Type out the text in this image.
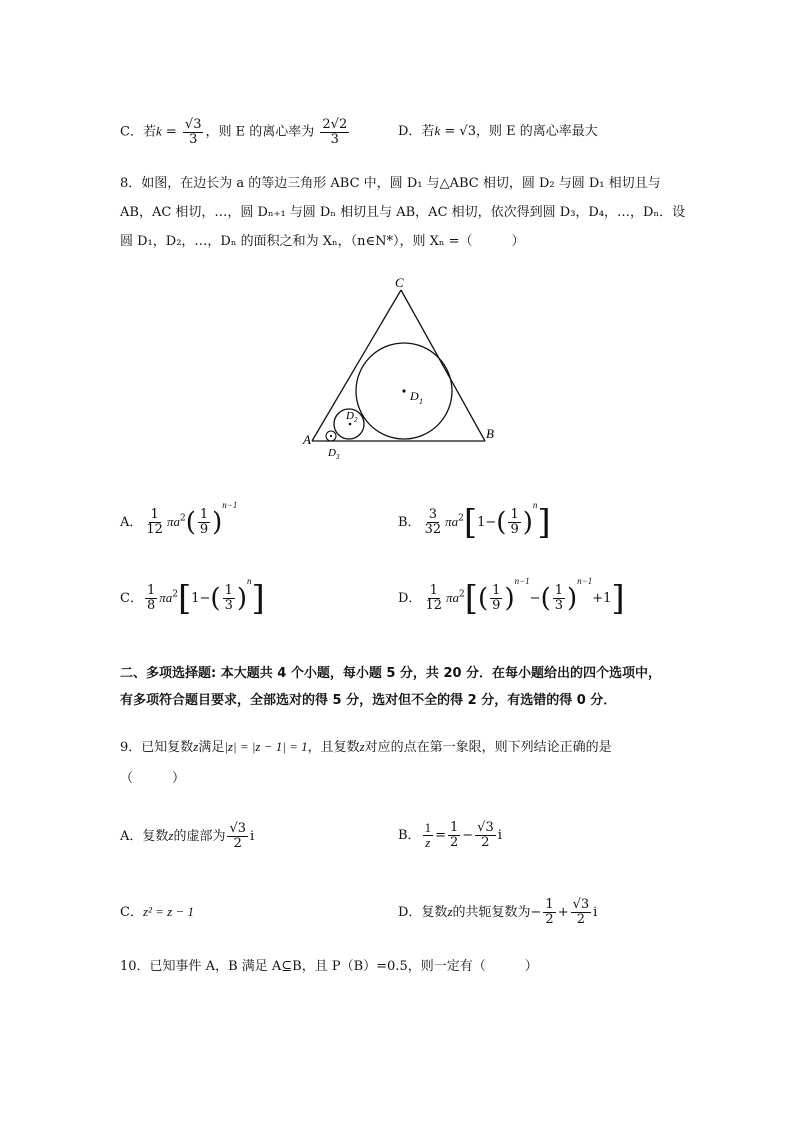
C．若$k = \frac{√3}{3}$ ，则 E 的离心率为 $\frac{2√2}{3}$	D．若k = √3，则 E 的离心率最大
8．如图，在边长为 a 的等边三角形 ABC 中，圆 D₁ 与△ABC 相切，圆 D₂ 与圆 D₁ 相切且与
AB，AC 相切，…，圆 Dₙ₊₁ 与圆 Dₙ 相切且与 AB，AC 相切，依次得到圆 D₃，D₄，…，Dₙ．设
圆 D₁，D₂，…，Dₙ 的面积之和为 Xₙ，（n∈N*），则 Xₙ =（　　　）
C
A	B
D 1
D 2
D 3
A． $\frac{1}{12} \pi a^2( \frac{1}{9} )^{n-1}$
B． $\frac{3}{32} \pi a^2[1-( \frac{1}{9} )^n]$
C． $\frac{1}{8} \pi a^2[1-( \frac{1}{3} )^n]$	D． $\frac{1}{12} \pi a^2[( \frac{1}{9} )^{n-1}-( \frac{1}{3} )^{n-1}+1]$
二、多项选择题: 本大题共 4 个小题，每小题 5 分，共 20 分．在每小题给出的四个选项中，
有多项符合题目要求，全部选对的得 5 分，选对但不全的得 2 分，有选错的得 0 分．
9．已知复数z满足|z| = |z − 1| = 1，且复数z对应的点在第一象限，则下列结论正确的是
（　　　）
A．复数z的虚部为 $\frac{√3}{2}$ i	B． $\frac{1}{z} = \frac{1}{2} - \frac{√3}{2}$ i
C．z² = z − 1	D．复数z的共轭复数为− $\frac{1}{2} + \frac{√3}{2}$ i
10．已知事件 A，B 满足 A⊆B，且 P（B）=0.5，则一定有（　　　）
